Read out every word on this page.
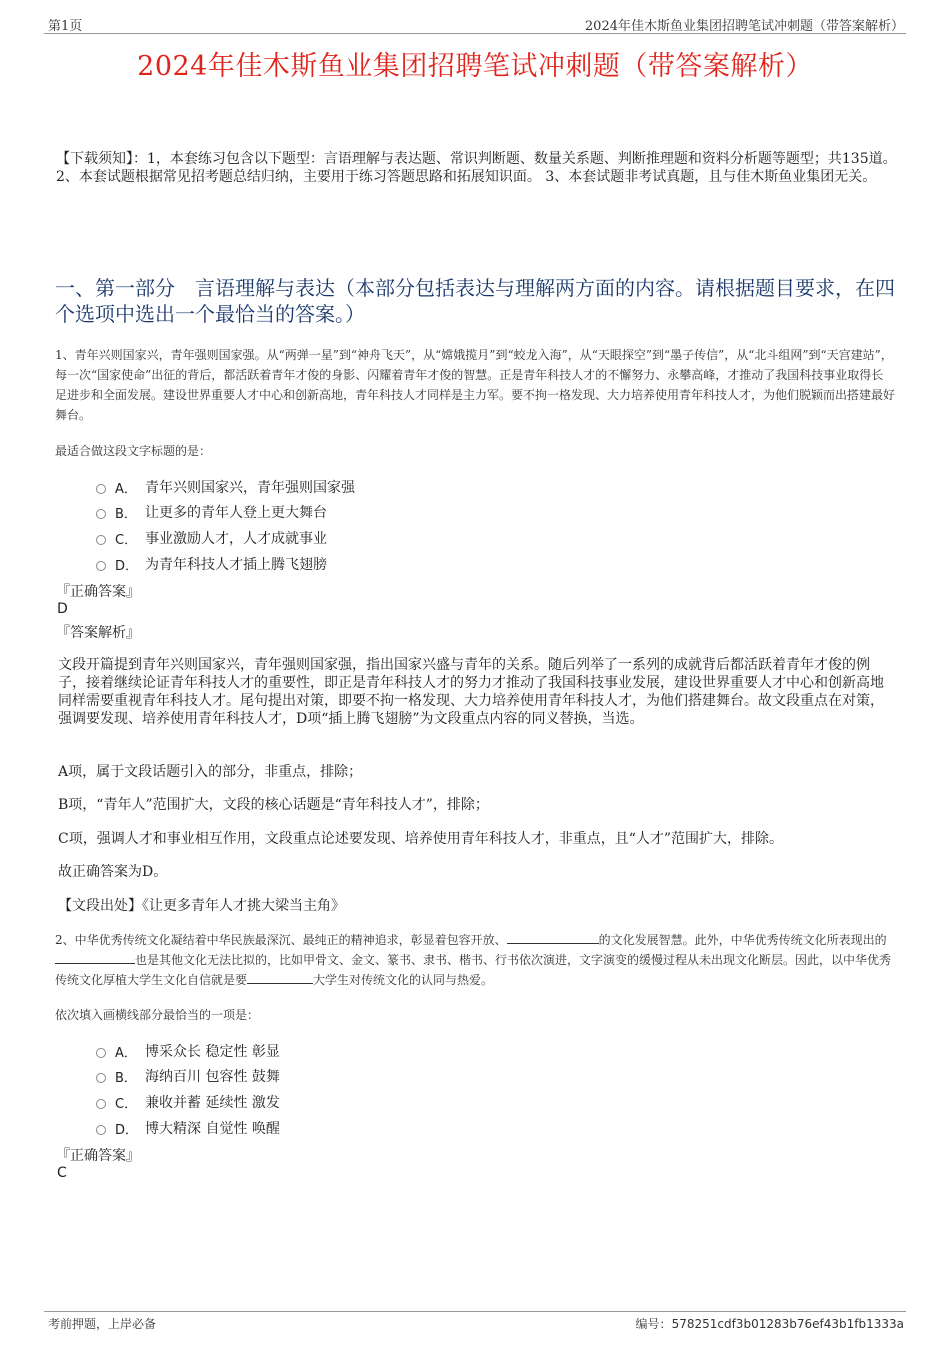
第1页	2024年佳木斯鱼业集团招聘笔试冲刺题（带答案解析）
2024年佳木斯鱼业集团招聘笔试冲刺题（带答案解析）
【下载须知】：1，本套练习包含以下题型：言语理解与表达题、常识判断题、数量关系题、判断推理题和资料分析题等题型；共135道。 2、本套试题根据常见招考题总结归纳，主要用于练习答题思路和拓展知识面。 3、本套试题非考试真题，且与佳木斯鱼业集团无关。
一、第一部分　言语理解与表达（本部分包括表达与理解两方面的内容。请根据题目要求，在四个选项中选出一个最恰当的答案。）
1、青年兴则国家兴，青年强则国家强。从“两弹一星”到“神舟飞天”，从“嫦娥揽月”到“蛟龙入海”，从“天眼探空”到“墨子传信”，从“北斗组网”到“天宫建站”，每一次“国家使命”出征的背后，都活跃着青年才俊的身影、闪耀着青年才俊的智慧。正是青年科技人才的不懈努力、永攀高峰，才推动了我国科技事业取得长足进步和全面发展。建设世界重要人才中心和创新高地，青年科技人才同样是主力军。要不拘一格发现、大力培养使用青年科技人才，为他们脱颖而出搭建最好舞台。
最适合做这段文字标题的是：
A． 青年兴则国家兴，青年强则国家强
B． 让更多的青年人登上更大舞台
C． 事业激励人才，人才成就事业
D． 为青年科技人才插上腾飞翅膀
『正确答案』
D
『答案解析』
文段开篇提到青年兴则国家兴，青年强则国家强，指出国家兴盛与青年的关系。随后列举了一系列的成就背后都活跃着青年才俊的例子，接着继续论证青年科技人才的重要性，即正是青年科技人才的努力才推动了我国科技事业发展，建设世界重要人才中心和创新高地同样需要重视青年科技人才。尾句提出对策，即要不拘一格发现、大力培养使用青年科技人才，为他们搭建舞台。故文段重点在对策，强调要发现、培养使用青年科技人才，D项“插上腾飞翅膀”为文段重点内容的同义替换，当选。
A项，属于文段话题引入的部分，非重点，排除；
B项，“青年人”范围扩大，文段的核心话题是“青年科技人才”，排除；
C项，强调人才和事业相互作用，文段重点论述要发现、培养使用青年科技人才，非重点，且“人才”范围扩大，排除。
故正确答案为D。
【文段出处】《让更多青年人才挑大梁当主角》
2、中华优秀传统文化凝结着中华民族最深沉、最纯正的精神追求，彰显着包容开放、	的文化发展智慧。此外，中华优秀传统文化所表现出的也是其他文化无法比拟的，比如甲骨文、金文、篆书、隶书、楷书、行书依次演进，文字演变的缓慢过程从未出现文化断层。因此，以中华优秀传统文化厚植大学生文化自信就是要	大学生对传统文化的认同与热爱。
依次填入画横线部分最恰当的一项是：
A． 博采众长 稳定性 彰显
B． 海纳百川 包容性 鼓舞
C． 兼收并蓄 延续性 激发
D． 博大精深 自觉性 唤醒
『正确答案』
C
考前押题，上岸必备	编号：578251cdf3b01283b76ef43b1fb1333a
